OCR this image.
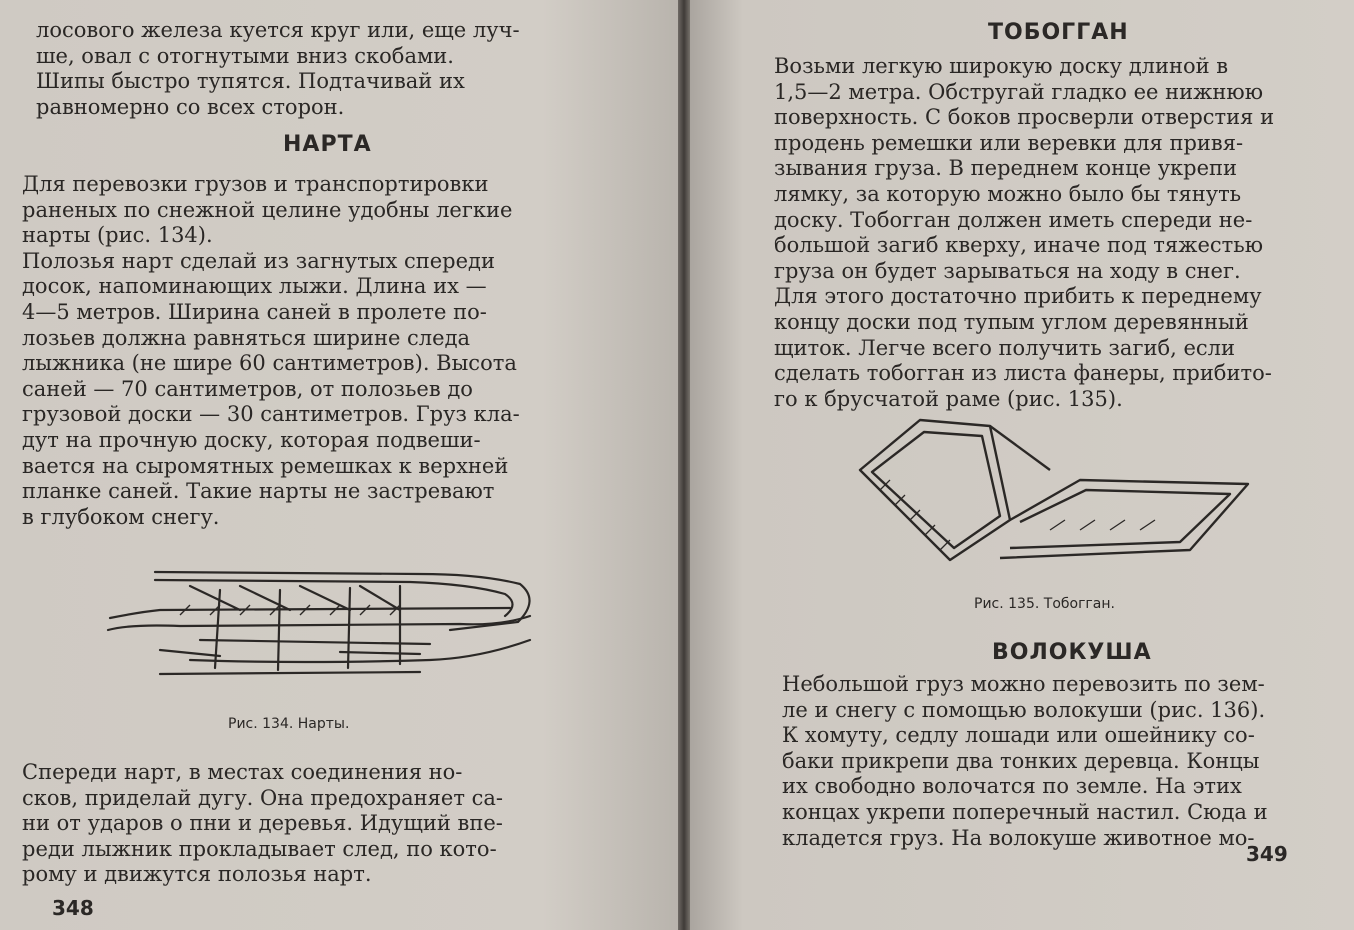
лосового железа куется круг или, еще луч-

ше, овал с отогнутыми вниз скобами.

Шипы быстро тупятся. Подтачивай их

равномерно со всех сторон.

НАРТА

Для перевозки грузов и транспортировки

раненых по снежной целине удобны легкие

нарты (рис. 134).

Полозья нарт сделай из загнутых спереди

досок, напоминающих лыжи. Длина их —

4—5 метров. Ширина саней в пролете по-

лозьев должна равняться ширине следа

лыжника (не шире 60 сантиметров). Высота

саней — 70 сантиметров, от полозьев до

грузовой доски — 30 сантиметров. Груз кла-

дут на прочную доску, которая подвеши-

вается на сыромятных ремешках к верхней

планке саней. Такие нарты не застревают

в глубоком снегу.

Рис. 134. Нарты.

Спереди нарт, в местах соединения но-

сков, приделай дугу. Она предохраняет са-

ни от ударов о пни и деревья. Идущий впе-

реди лыжник прокладывает след, по кото-

рому и движутся полозья нарт.

348
ТОБОГГАН

Возьми легкую широкую доску длиной в

1,5—2 метра. Обстругай гладко ее нижнюю

поверхность. С боков просверли отверстия и

продень ремешки или веревки для привя-

зывания груза. В переднем конце укрепи

лямку, за которую можно было бы тянуть

доску. Тобогган должен иметь спереди не-

большой загиб кверху, иначе под тяжестью

груза он будет зарываться на ходу в снег.

Для этого достаточно прибить к переднему

концу доски под тупым углом деревянный

щиток. Легче всего получить загиб, если

сделать тобогган из листа фанеры, прибито-

го к брусчатой раме (рис. 135).

Рис. 135. Тобогган.
ВОЛОКУША

Небольшой груз можно перевозить по зем-

ле и снегу с помощью волокуши (рис. 136).

К хомуту, седлу лошади или ошейнику со-

баки прикрепи два тонких деревца. Концы

их свободно волочатся по земле. На этих

концах укрепи поперечный настил. Сюда и

кладется груз. На волокуше животное мо-

349
